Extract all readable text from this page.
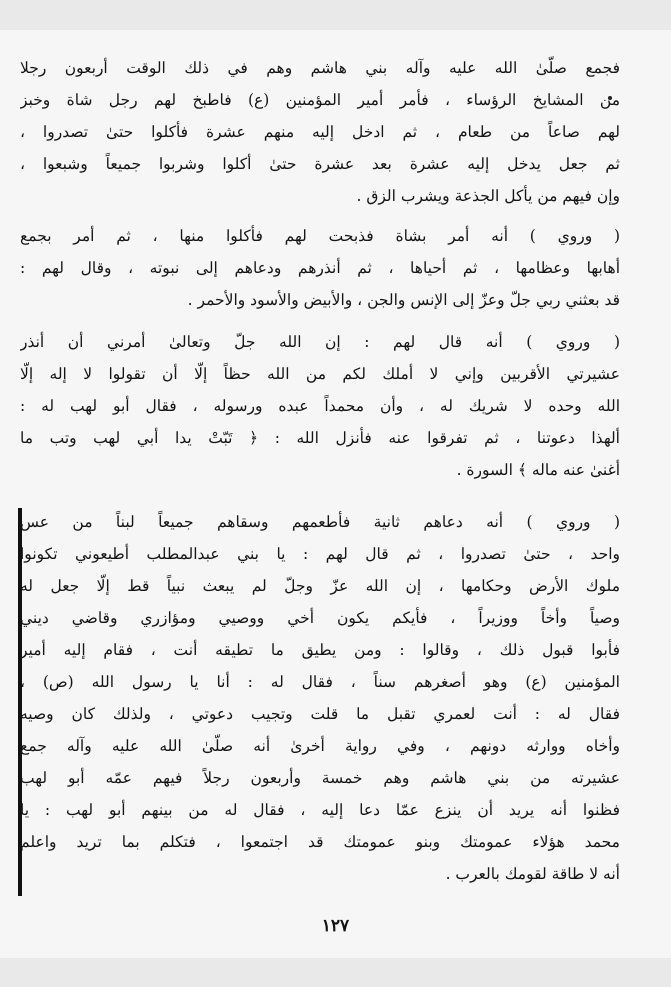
فجمع صلّىٰ الله عليه وآله بني هاشم وهم في ذلك الوقت أربعون رجلا
من المشايخ الرؤساء ، فأمر أمير المؤمنين (ع) فاطبخ لهم رجل شاة وخبز
لهم صاعاً من طعام ، ثم ادخل إليه منهم عشرة فأكلوا حتىٰ تصدروا ،
ثم جعل يدخل إليه عشرة بعد عشرة حتىٰ أكلوا وشربوا جميعاً وشبعوا ،
وإن فيهم من يأكل الجذعة ويشرب الزق .
( وروي ) أنه أمر بشاة فذبحت لهم فأكلوا منها ، ثم أمر بجمع
أهابها وعظامها ، ثم أحياها ، ثم أنذرهم ودعاهم إلى نبوته ، وقال لهم :
قد بعثني ربي جلّ وعزّ إلى الإنس والجن ، والأبيض والأسود والأحمر .
( وروي ) أنه قال لهم : إن الله جلّ وتعالىٰ أمرني أن أنذر
عشيرتي الأقربين وإني لا أملك لكم من الله حظاً إلّا أن تقولوا لا إله إلّا
الله وحده لا شريك له ، وأن محمداً عبده ورسوله ، فقال أبو لهب له :
ألهذا دعوتنا ، ثم تفرقوا عنه فأنزل الله : ﴿ تَبّتْ يدا أبي لهب وتب ما
أغنىٰ عنه ماله ﴾ السورة .
( وروي ) أنه دعاهم ثانية فأطعمهم وسقاهم جميعاً لبناً من عس
واحد ، حتىٰ تصدروا ، ثم قال لهم : يا بني عبدالمطلب أطيعوني تكونوا
ملوك الأرض وحكامها ، إن الله عزّ وجلّ لم يبعث نبياً قط إلّا جعل له
وصياً وأخاً ووزيراً ، فأيكم يكون أخي ووصيي ومؤازري وقاضي ديني
فأبوا قبول ذلك ، وقالوا : ومن يطيق ما تطيقه أنت ، فقام إليه أمير
المؤمنين (ع) وهو أصغرهم سناً ، فقال له : أنا يا رسول الله (ص) ،
فقال له : أنت لعمري تقبل ما قلت وتجيب دعوتي ، ولذلك كان وصيه
وأخاه ووارثه دونهم ، وفي رواية أخرىٰ أنه صلّىٰ الله عليه وآله جمع
عشيرته من بني هاشم وهم خمسة وأربعون رجلاً فيهم عمّه أبو لهب
فظنوا أنه يريد أن ينزع عمّا دعا إليه ، فقال له من بينهم أبو لهب : يا
محمد هؤلاء عمومتك وبنو عمومتك قد اجتمعوا ، فتكلم بما تريد واعلم
أنه لا طاقة لقومك بالعرب .
١٢٧
